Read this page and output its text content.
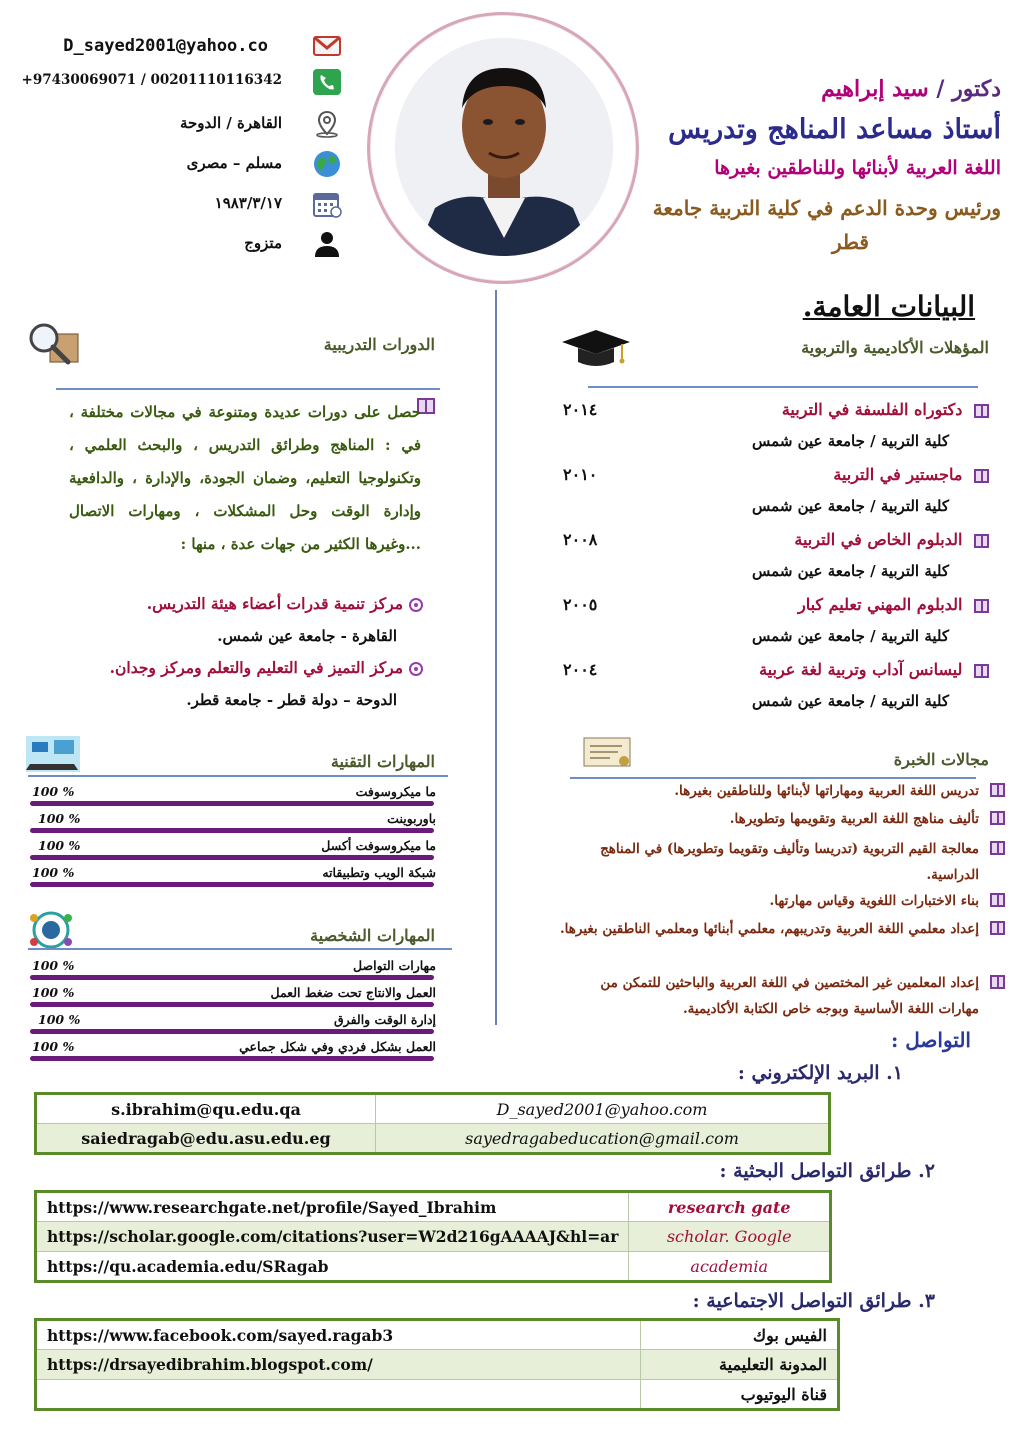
D_sayed2001@yahoo.co
+97430069071 / 00201110116342
القاهرة / الدوحة
مسلم – مصرى
١٩٨٣/٣/١٧
متزوج
دكتور / سيد إبراهيم
أستاذ مساعد المناهج وتدريس
اللغة العربية لأبنائها وللناطقين بغيرها
ورئيس وحدة الدعم في كلية التربية جامعة
قطر
البيانات العامة.
المؤهلات الأكاديمية والتربوية
دكتوراه الفلسفة في التربية
٢٠١٤
كلية التربية / جامعة عين شمس
ماجستير في التربية
٢٠١٠
كلية التربية / جامعة عين شمس
الدبلوم الخاص في التربية
٢٠٠٨
كلية التربية / جامعة عين شمس
الدبلوم المهني تعليم كبار
٢٠٠٥
كلية التربية / جامعة عين شمس
ليسانس آداب وتربية لغة عربية
٢٠٠٤
كلية التربية / جامعة عين شمس
الدورات التدريبية
حصل على دورات عديدة ومتنوعة في مجالات مختلفة ، في : المناهج وطرائق التدريس ، والبحث العلمي ، وتكنولوجيا التعليم، وضمان الجودة، والإدارة ، والدافعية وإدارة الوقت وحل المشكلات ، ومهارات الاتصال ...وغيرها الكثير من جهات عدة ، منها :
مركز تنمية قدرات أعضاء هيئة التدريس.
القاهرة - جامعة عين شمس.
مركز التميز في التعليم والتعلم ومركز وجدان.
الدوحة – دولة قطر - جامعة قطر.
المهارات التقنية
ما ميكروسوفت
100 %
باوربوينت
100 %
ما ميكروسوفت أكسل
100 %
شبكة الويب وتطبيقاته
100 %
المهارات الشخصية
مهارات التواصل
100 %
العمل والانتاج تحت ضغط العمل
100 %
إدارة الوقت والفرق
100 %
العمل بشكل فردي وفي شكل جماعي
100 %
مجالات الخبرة
تدريس اللغة العربية ومهاراتها لأبنائها وللناطقين بغيرها.
تأليف مناهج اللغة العربية وتقويمها وتطويرها.
معالجة القيم التربوية (تدريسا وتأليف وتقويما وتطويرها) في المناهج الدراسية.
بناء الاختبارات اللغوية وقياس مهارتها.
إعداد معلمي اللغة العربية وتدريبهم، معلمي أبنائها ومعلمي الناطقين بغيرها.
إعداد المعلمين غير المختصين في اللغة العربية والباحثين للتمكن من مهارات اللغة الأساسية وبوجه خاص الكتابة الأكاديمية.
التواصل :
١. البريد الإلكتروني :
s.ibrahim@qu.edu.qa	D_sayed2001@yahoo.com
saiedragab@edu.asu.edu.eg	sayedragabeducation@gmail.com
٢. طرائق التواصل البحثية :
https://www.researchgate.net/profile/Sayed_Ibrahim	research gate
https://scholar.google.com/citations?user=W2d216gAAAAJ&hl=ar	scholar. Google
https://qu.academia.edu/SRagab	academia
٣. طرائق التواصل الاجتماعية :
https://www.facebook.com/sayed.ragab3	الفيس بوك
https://drsayedibrahim.blogspot.com/	المدونة التعليمية
	قناة اليوتيوب
